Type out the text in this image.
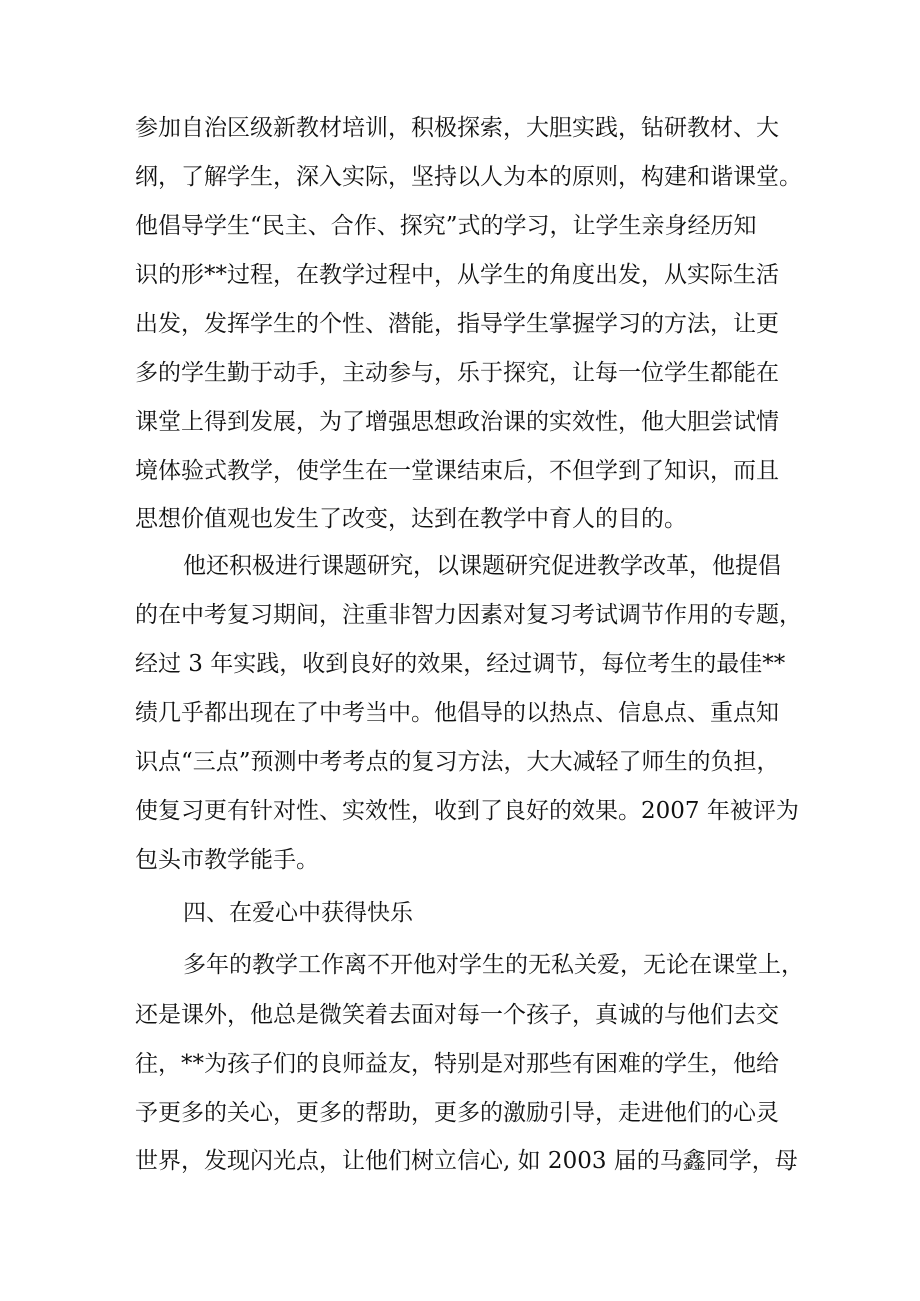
参加自治区级新教材培训，积极探索，大胆实践，钻研教材、大
纲，了解学生，深入实际，坚持以人为本的原则，构建和谐课堂。
他倡导学生“民主、合作、探究”式的学习，让学生亲身经历知
识的形**过程，在教学过程中，从学生的角度出发，从实际生活
出发，发挥学生的个性、潜能，指导学生掌握学习的方法，让更
多的学生勤于动手，主动参与，乐于探究，让每一位学生都能在
课堂上得到发展，为了增强思想政治课的实效性，他大胆尝试情
境体验式教学，使学生在一堂课结束后，不但学到了知识，而且
思想价值观也发生了改变，达到在教学中育人的目的。
他还积极进行课题研究，以课题研究促进教学改革，他提倡
的在中考复习期间，注重非智力因素对复习考试调节作用的专题，
经过 3 年实践，收到良好的效果，经过调节，每位考生的最佳**
绩几乎都出现在了中考当中。他倡导的以热点、信息点、重点知
识点“三点”预测中考考点的复习方法，大大减轻了师生的负担，
使复习更有针对性、实效性，收到了良好的效果。2007 年被评为
包头市教学能手。
四、在爱心中获得快乐
多年的教学工作离不开他对学生的无私关爱，无论在课堂上，
还是课外，他总是微笑着去面对每一个孩子，真诚的与他们去交
往，**为孩子们的良师益友，特别是对那些有困难的学生，他给
予更多的关心，更多的帮助，更多的激励引导，走进他们的心灵
世界，发现闪光点，让他们树立信心, 如 2003 届的马鑫同学，母
